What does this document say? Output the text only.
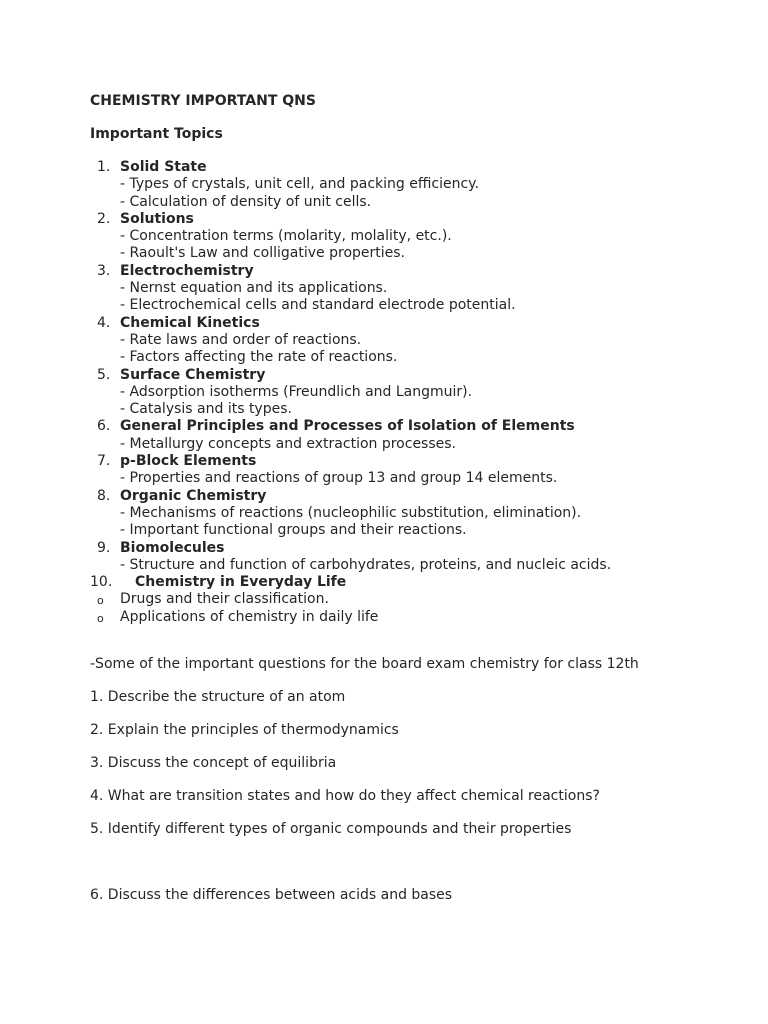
CHEMISTRY IMPORTANT QNS

Important Topics

1. Solid State
- Types of crystals, unit cell, and packing efficiency.
- Calculation of density of unit cells.
2. Solutions
- Concentration terms (molarity, molality, etc.).
- Raoult's Law and colligative properties.
3. Electrochemistry
- Nernst equation and its applications.
- Electrochemical cells and standard electrode potential.
4. Chemical Kinetics
- Rate laws and order of reactions.
- Factors affecting the rate of reactions.
5. Surface Chemistry
- Adsorption isotherms (Freundlich and Langmuir).
- Catalysis and its types.
6. General Principles and Processes of Isolation of Elements
- Metallurgy concepts and extraction processes.
7. p-Block Elements
- Properties and reactions of group 13 and group 14 elements.
8. Organic Chemistry
- Mechanisms of reactions (nucleophilic substitution, elimination).
- Important functional groups and their reactions.
9. Biomolecules
- Structure and function of carbohydrates, proteins, and nucleic acids.
10. Chemistry in Everyday Life
o Drugs and their classification.
o Applications of chemistry in daily life

-Some of the important questions for the board exam chemistry for class 12th

1. Describe the structure of an atom

2. Explain the principles of thermodynamics

3. Discuss the concept of equilibria

4. What are transition states and how do they affect chemical reactions?

5. Identify different types of organic compounds and their properties

6. Discuss the differences between acids and bases
